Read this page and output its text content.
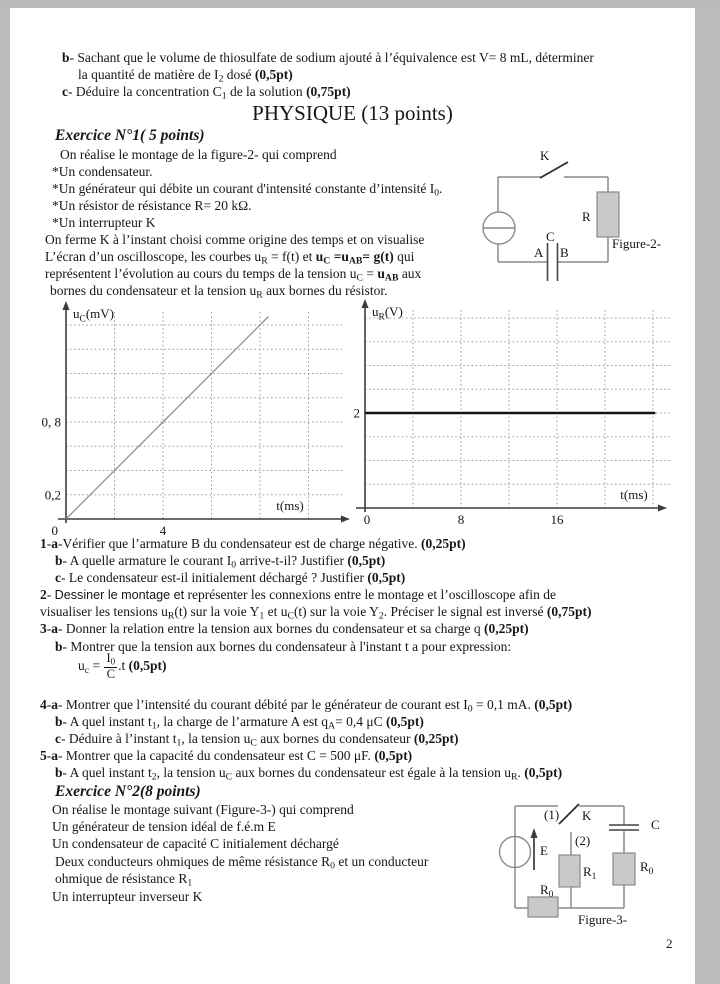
b- Sachant que le volume de thiosulfate de sodium ajouté à l’équivalence est V= 8 mL, déterminer
la quantité de matière de $I_2$ dosé (0,5pt)
c- Déduire la concentration $C_1$ de la solution (0,75pt)
PHYSIQUE (13 points)
Exercice N°1( 5 points)
On réalise le montage de la figure-2- qui comprend
*Un condensateur.
*Un générateur qui débite un courant d'intensité constante d’intensité $I_0$.
*Un résistor de résistance R= 20 kΩ.
*Un interrupteur K
On ferme K à l’instant choisi comme origine des temps et on visualise
L’écran d’un oscilloscope, les courbes $u_R = f(t)$ et $u_C =u_{AB}= g(t)$ qui
représentent l’évolution au cours du temps de la tension $u_C = u_{AB}$ aux
bornes du condensateur et la tension $u_R$ aux bornes du résistor.
K
R
C
A B
Figure-2-
4
0, 8
0,2
0
$u_C(mV)$
t(ms)
8	16
2
0
$u_R(V)$
t(ms)
1-a-Vérifier que l’armature B du condensateur est de charge négative. (0,25pt)
b- A quelle armature le courant $I_0$ arrive-t-il? Justifier (0,5pt)
c- Le condensateur est-il initialement déchargé ? Justifier (0,5pt)
2- Dessiner le montage et représenter les connexions entre le montage et l’oscilloscope afin de
visualiser les tensions $u_R(t)$ sur la voie $Y_1$ et $u_C(t)$ sur la voie $Y_2$. Préciser le signal est inversé (0,75pt)
3-a- Donner la relation entre la tension aux bornes du condensateur et sa charge q (0,25pt)
b- Montrer que la tension aux bornes du condensateur à l'instant t a pour expression:
$u_c = \frac{I_0}{C} .t$ (0,5pt)
4-a- Montrer que l’intensité du courant débité par le générateur de courant est $I_0 = 0,1$ mA. (0,5pt)
b- A quel instant $t_1$, la charge de l’armature A est $q_A= 0,4$ μC (0,5pt)
c- Déduire à l’instant $t_1$, la tension $u_C$ aux bornes du condensateur (0,25pt)
5-a- Montrer que la capacité du condensateur est C = 500 μF. (0,5pt)
b- A quel instant $t_2$, la tension $u_C$ aux bornes du condensateur est égale à la tension $u_R$. (0,5pt)
Exercice N°2(8 points)
On réalise le montage suivant (Figure-3-) qui comprend
Un générateur de tension idéal de f.é.m E
Un condensateur de capacité C initialement déchargé
Deux conducteurs ohmiques de même résistance $R_0$ et un conducteur
ohmique de résistance $R_1$
Un interrupteur inverseur K
(1) K
(2)
C
E
$R_1$
$R_0$
$R_0$
Figure-3-
2
